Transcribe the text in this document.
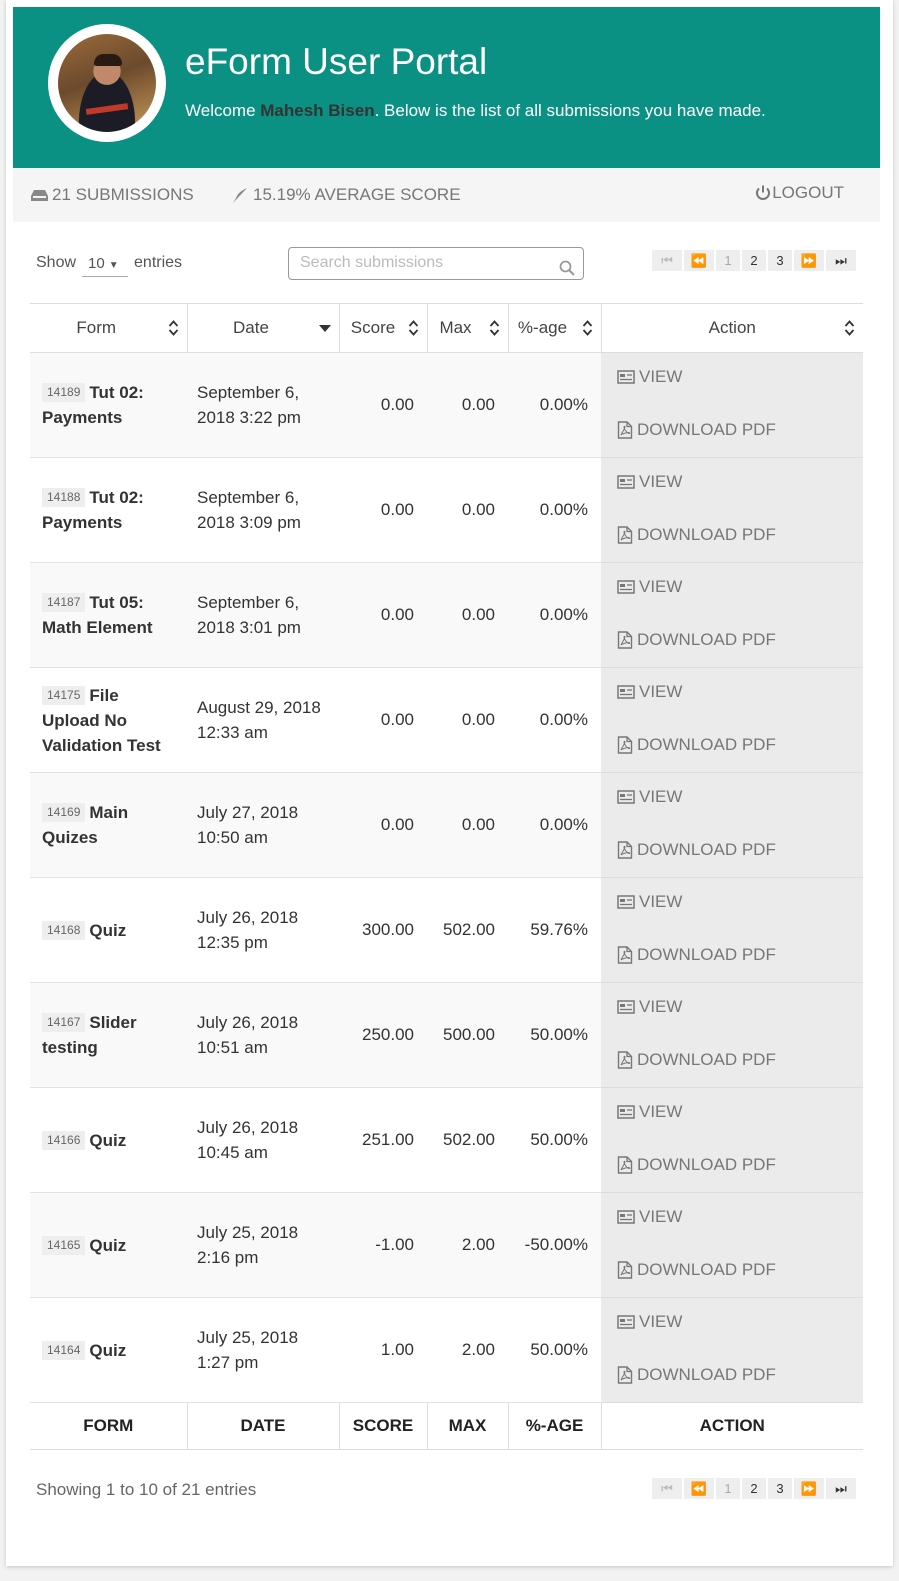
eForm User Portal
Welcome Mahesh Bisen. Below is the list of all submissions you have made.
21 SUBMISSIONS	15.19% AVERAGE SCORE	LOGOUT
Show 10 ▼ entries	Search submissions	⏮	⏪	1	2	3	⏩	⏭
Form	Date	Score	Max	%-age	Action

14189 Tut 02: Payments	September 6, 2018 3:22 pm	0.00	0.00	0.00%	VIEW
DOWNLOAD PDF

14188 Tut 02: Payments	September 6, 2018 3:09 pm	0.00	0.00	0.00%	VIEW
DOWNLOAD PDF

14187 Tut 05: Math Element	September 6, 2018 3:01 pm	0.00	0.00	0.00%	VIEW
DOWNLOAD PDF

14175 File Upload No Validation Test	August 29, 2018 12:33 am	0.00	0.00	0.00%	VIEW
DOWNLOAD PDF

14169 Main Quizes	July 27, 2018 10:50 am	0.00	0.00	0.00%	VIEW
DOWNLOAD PDF

14168 Quiz	July 26, 2018 12:35 pm	300.00	502.00	59.76%	VIEW
DOWNLOAD PDF

14167 Slider testing	July 26, 2018 10:51 am	250.00	500.00	50.00%	VIEW
DOWNLOAD PDF

14166 Quiz	July 26, 2018 10:45 am	251.00	502.00	50.00%	VIEW
DOWNLOAD PDF

14165 Quiz	July 25, 2018 2:16 pm	-1.00	2.00	-50.00%	VIEW
DOWNLOAD PDF

14164 Quiz	July 25, 2018 1:27 pm	1.00	2.00	50.00%	VIEW
DOWNLOAD PDF

FORM	DATE	SCORE	MAX	%-AGE	ACTION
Showing 1 to 10 of 21 entries	⏮	⏪	1	2	3	⏩	⏭
